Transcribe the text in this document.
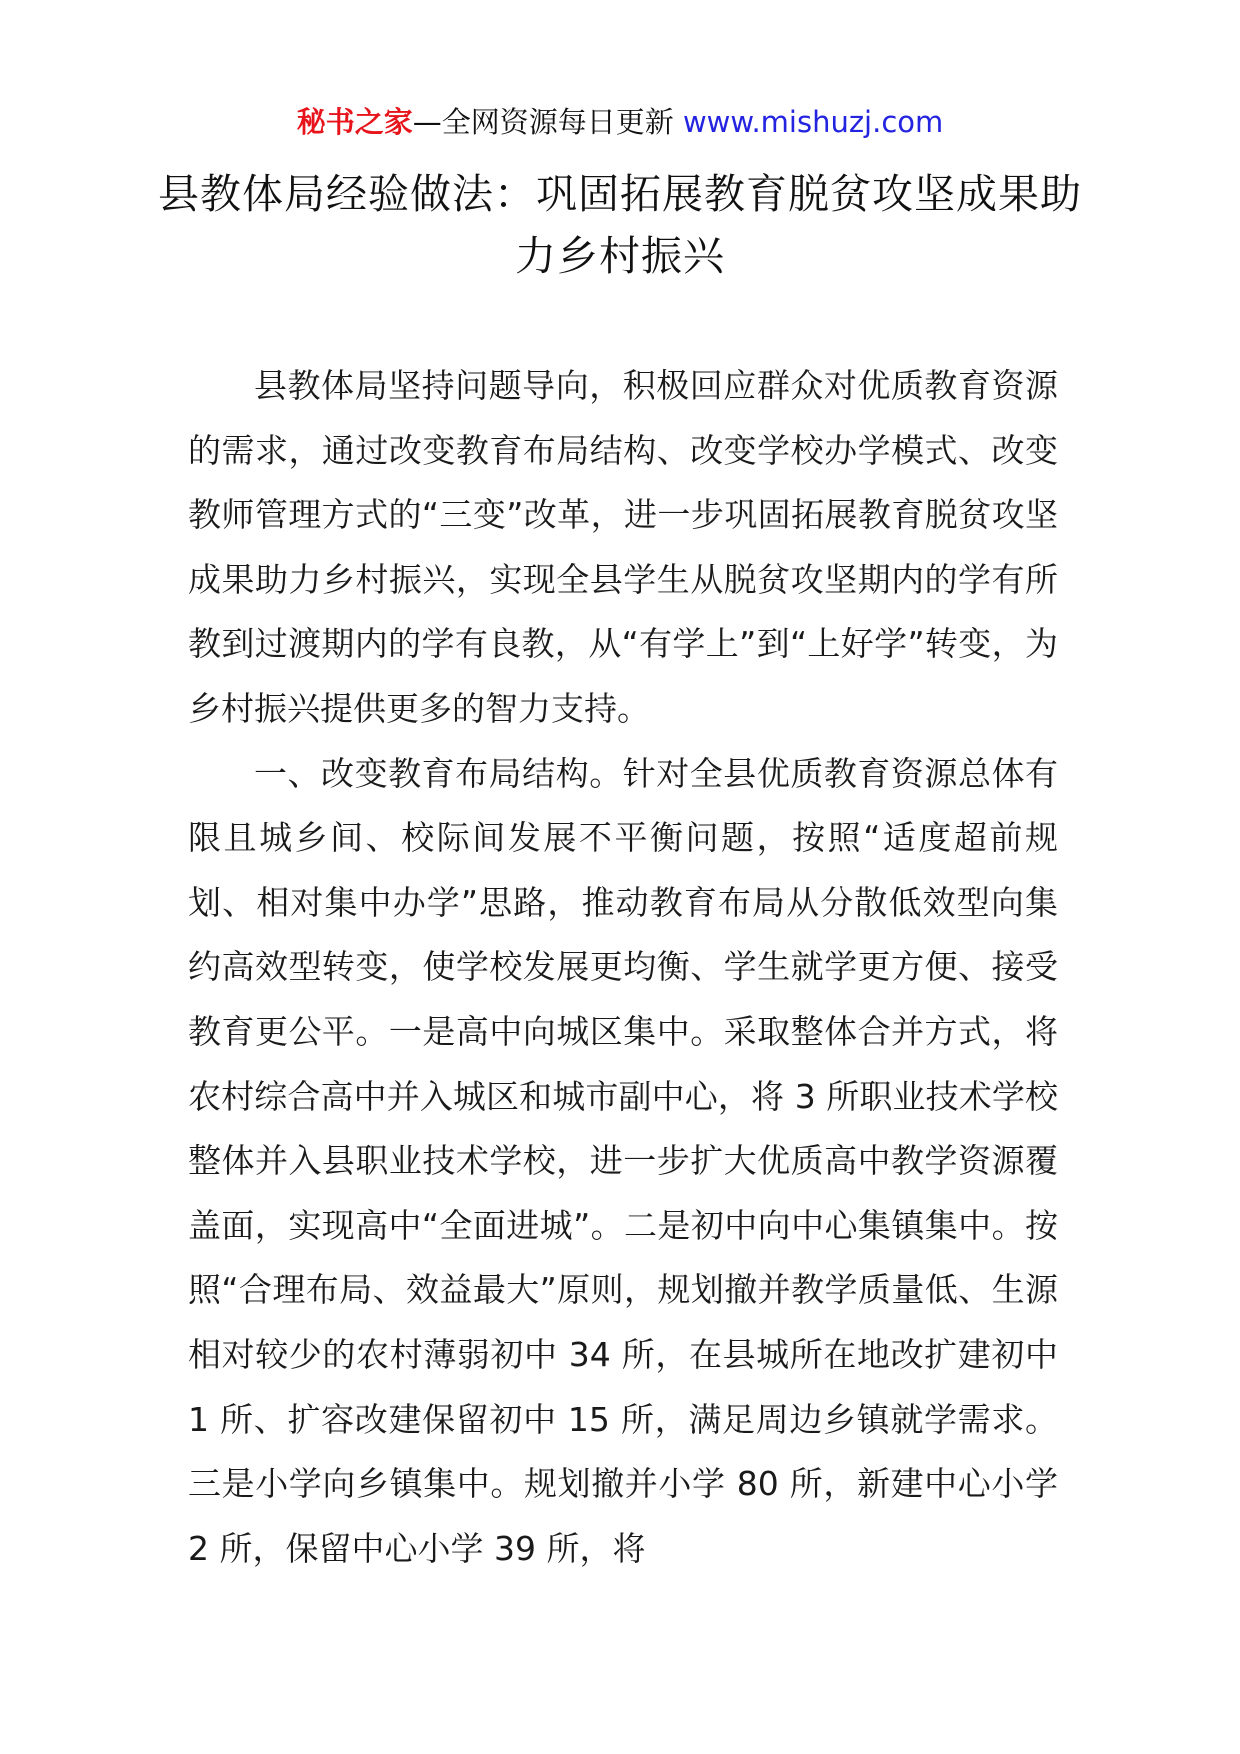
秘书之家—全网资源每日更新 www.mishuzj.com
县教体局经验做法：巩固拓展教育脱贫攻坚成果助力乡村振兴

县教体局坚持问题导向，积极回应群众对优质教育资源的需求，通过改变教育布局结构、改变学校办学模式、改变教师管理方式的“三变”改革，进一步巩固拓展教育脱贫攻坚成果助力乡村振兴，实现全县学生从脱贫攻坚期内的学有所教到过渡期内的学有良教，从“有学上”到“上好学”转变，为乡村振兴提供更多的智力支持。

一、改变教育布局结构。针对全县优质教育资源总体有限且城乡间、校际间发展不平衡问题，按照“适度超前规划、相对集中办学”思路，推动教育布局从分散低效型向集约高效型转变，使学校发展更均衡、学生就学更方便、接受教育更公平。一是高中向城区集中。采取整体合并方式，将农村综合高中并入城区和城市副中心，将 3 所职业技术学校整体并入县职业技术学校，进一步扩大优质高中教学资源覆盖面，实现高中“全面进城”。二是初中向中心集镇集中。按照“合理布局、效益最大”原则，规划撤并教学质量低、生源相对较少的农村薄弱初中 34 所，在县城所在地改扩建初中 1 所、扩容改建保留初中 15 所，满足周边乡镇就学需求。三是小学向乡镇集中。规划撤并小学 80 所，新建中心小学 2 所，保留中心小学 39 所，将
